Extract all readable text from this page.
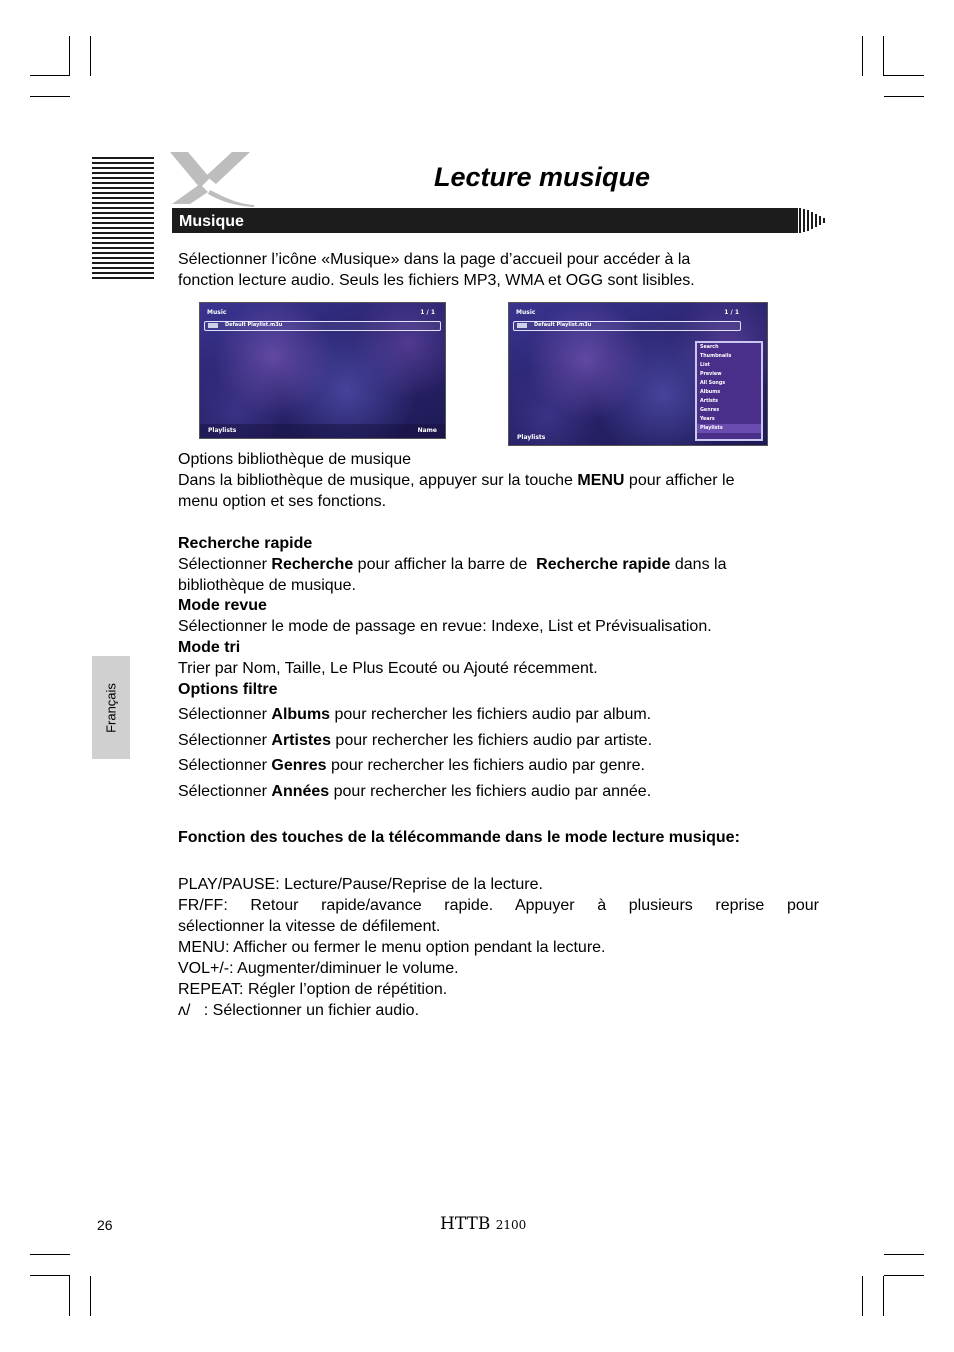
Lecture musique
Musique
Sélectionner l’icône «Musique» dans la page d’accueil pour accéder à la
fonction lecture audio. Seuls les fichiers MP3, WMA et OGG sont lisibles.
Music	1 / 1
Default Playlist.m3u
Playlists	Name
Music	1 / 1
Default Playlist.m3u
Playlists
Search
Thumbnails
List
Preview
All Songs
Albums
Artists
Genres
Years
Playlists
Options bibliothèque de musique
Dans la bibliothèque de musique, appuyer sur la touche MENU pour afficher le
menu option et ses fonctions.
Recherche rapide
Sélectionner Recherche pour afficher la barre de  Recherche rapide dans la
bibliothèque de musique.
Mode revue
Sélectionner le mode de passage en revue: Indexe, List et Prévisualisation.
Mode tri
Trier par Nom, Taille, Le Plus Ecouté ou Ajouté récemment.
Options filtre
Sélectionner Albums pour rechercher les fichiers audio par album.
Sélectionner Artistes pour rechercher les fichiers audio par artiste.
Sélectionner Genres pour rechercher les fichiers audio par genre.
Sélectionner Années pour rechercher les fichiers audio par année.
Fonction des touches de la télécommande dans le mode lecture musique:
PLAY/PAUSE: Lecture/Pause/Reprise de la lecture.
FR/FF: Retour rapide/avance rapide. Appuyer à plusieurs reprise pour
sélectionner la vitesse de défilement.
MENU: Afficher ou fermer le menu option pendant la lecture.
VOL+/-: Augmenter/diminuer le volume.
REPEAT: Régler l’option de répétition.
ʌ/   : Sélectionner un fichier audio.
Français
26	HTTB 2100
